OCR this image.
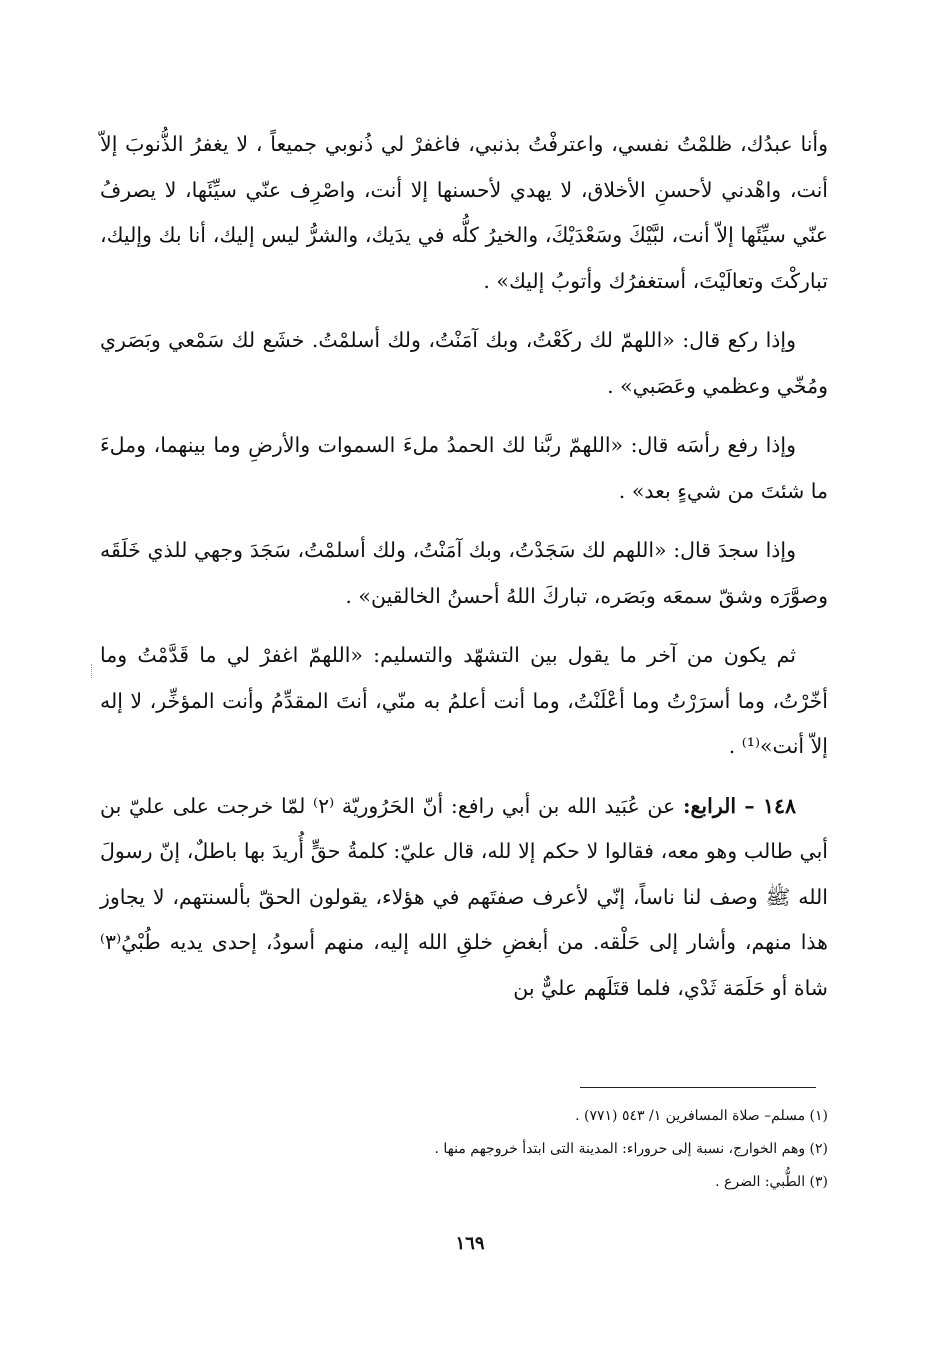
وأنا عبدُك، ظلمْتُ نفسي، واعترفْتُ بذنبي، فاغفرْ لي ذُنوبي جميعاً ، لا يغفرُ الذُّنوبَ إلاّ أنت، واهْدني لأحسنِ الأخلاق، لا يهدي لأحسنها إلا أنت، واصْرِف عنّي سيِّئَها، لا يصرفُ عنّي سيِّئَها إلاّ أنت، لبَّيْكَ وسَعْدَيْكَ، والخيرُ كلُّه في يدَيك، والشرُّ ليس إليك، أنا بك وإليك، تباركْتَ وتعالَيْتَ، أستغفرُك وأتوبُ إليك» .

وإذا ركع قال: «اللهمّ لك ركَعْتُ، وبك آمَنْتُ، ولك أسلمْتُ. خشَع لك سَمْعي وبَصَري ومُخّي وعظمي وعَصَبي» .

وإذا رفع رأسَه قال: «اللهمّ ربَّنا لك الحمدُ ملءَ السموات والأرضِ وما بينهما، وملءَ ما شئتَ من شيءٍ بعد» .

وإذا سجدَ قال: «اللهم لك سَجَدْتُ، وبك آمَنْتُ، ولك أسلمْتُ، سَجَدَ وجهي للذي خَلَقَه وصوَّرَه وشقّ سمعَه وبَصَره، تباركَ اللهُ أحسنُ الخالقين» .

ثم يكون من آخر ما يقول بين التشهّد والتسليم: «اللهمّ اغفرْ لي ما قَدَّمْتُ وما أخّرْتُ، وما أسرَرْتُ وما أعْلَنْتُ، وما أنت أعلمُ به منّي، أنتَ المقدِّمُ وأنت المؤخِّر، لا إله إلاّ أنت»⁽¹⁾ .

١٤٨ – الرابع: عن عُبَيد الله بن أبي رافع: أنّ الحَرُوريّة ⁽٢⁾ لمّا خرجت على عليّ بن أبي طالب وهو معه، فقالوا لا حكم إلا لله، قال عليّ: كلمةُ حقٍّ أُريدَ بها باطلٌ، إنّ رسولَ الله ﷺ وصف لنا ناساً، إنّي لأعرف صفتَهم في هؤلاء، يقولون الحقّ بألسنتهم، لا يجاوز هذا منهم، وأشار إلى حَلْقه. من أبغضِ خلقِ الله إليه، منهم أسودُ، إحدى يديه طُبْيُ⁽٣⁾ شاة أو حَلَمَة ثَدْي، فلما قتَلَهم عليٌّ بن

(١) مسلم– صلاة المسافرين ١/ ٥٤٣ (٧٧١) .

(٢) وهم الخوارج، نسبة إلى حروراء: المدينة التى ابتدأ خروجهم منها .

(٣) الطُّبي: الضرع .

١٦٩
